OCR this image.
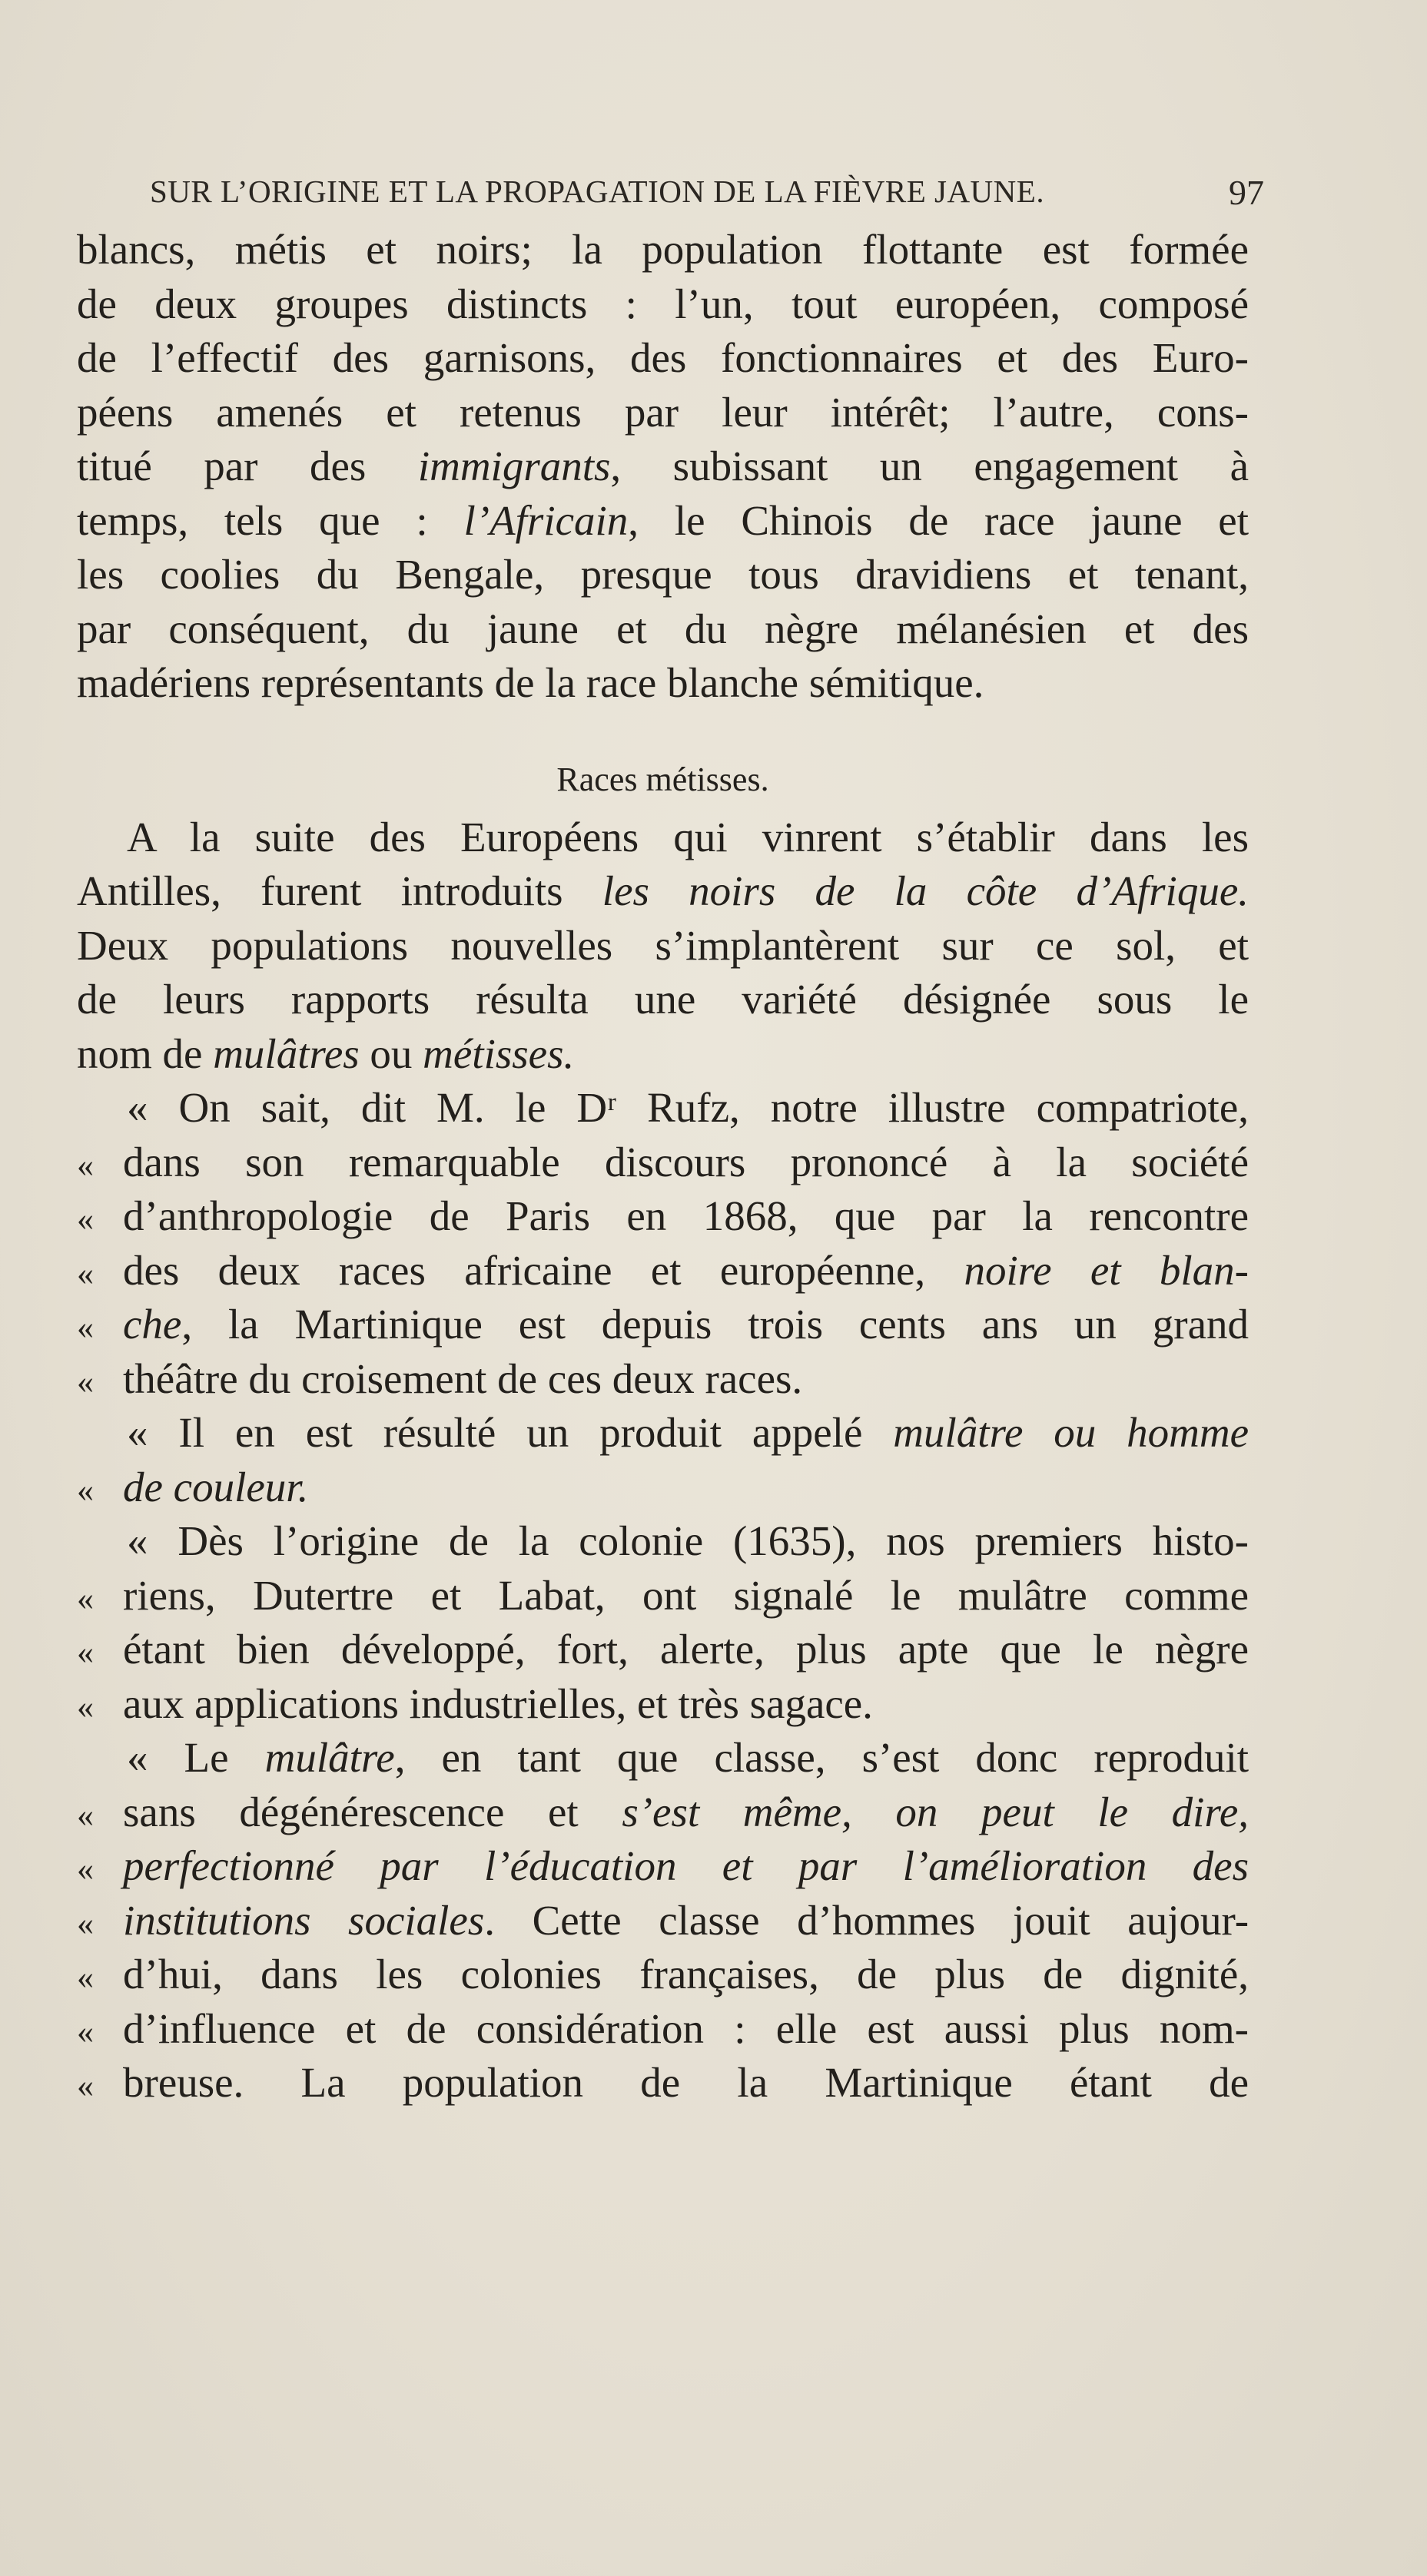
SUR L’ORIGINE ET LA PROPAGATION DE LA FIÈVRE JAUNE.	97
blancs, métis et noirs; la population flottante est formée
de deux groupes distincts : l’un, tout européen, composé
de l’effectif des garnisons, des fonctionnaires et des Euro-
péens amenés et retenus par leur intérêt; l’autre, cons-
titué par des immigrants, subissant un engagement à
temps, tels que : l’Africain, le Chinois de race jaune et
les coolies du Bengale, presque tous dravidiens et tenant,
par conséquent, du jaune et du nègre mélanésien et des
madériens représentants de la race blanche sémitique.
Races métisses.
A la suite des Européens qui vinrent s’établir dans les
Antilles, furent introduits les noirs de la côte d’Afrique.
Deux populations nouvelles s’implantèrent sur ce sol, et
de leurs rapports résulta une variété désignée sous le
nom de mulâtres ou métisses.
« On sait, dit M. le Dʳ Rufz, notre illustre compatriote,
« dans son remarquable discours prononcé à la société
« d’anthropologie de Paris en 1868, que par la rencontre
« des deux races africaine et européenne, noire et blan-
« che, la Martinique est depuis trois cents ans un grand
« théâtre du croisement de ces deux races.
« Il en est résulté un produit appelé mulâtre ou homme
« de couleur.
« Dès l’origine de la colonie (1635), nos premiers histo-
« riens, Dutertre et Labat, ont signalé le mulâtre comme
« étant bien développé, fort, alerte, plus apte que le nègre
« aux applications industrielles, et très sagace.
« Le mulâtre, en tant que classe, s’est donc reproduit
« sans dégénérescence et s’est même, on peut le dire,
« perfectionné par l’éducation et par l’amélioration des
« institutions sociales. Cette classe d’hommes jouit aujour-
« d’hui, dans les colonies françaises, de plus de dignité,
« d’influence et de considération : elle est aussi plus nom-
« breuse. La population de la Martinique étant de
